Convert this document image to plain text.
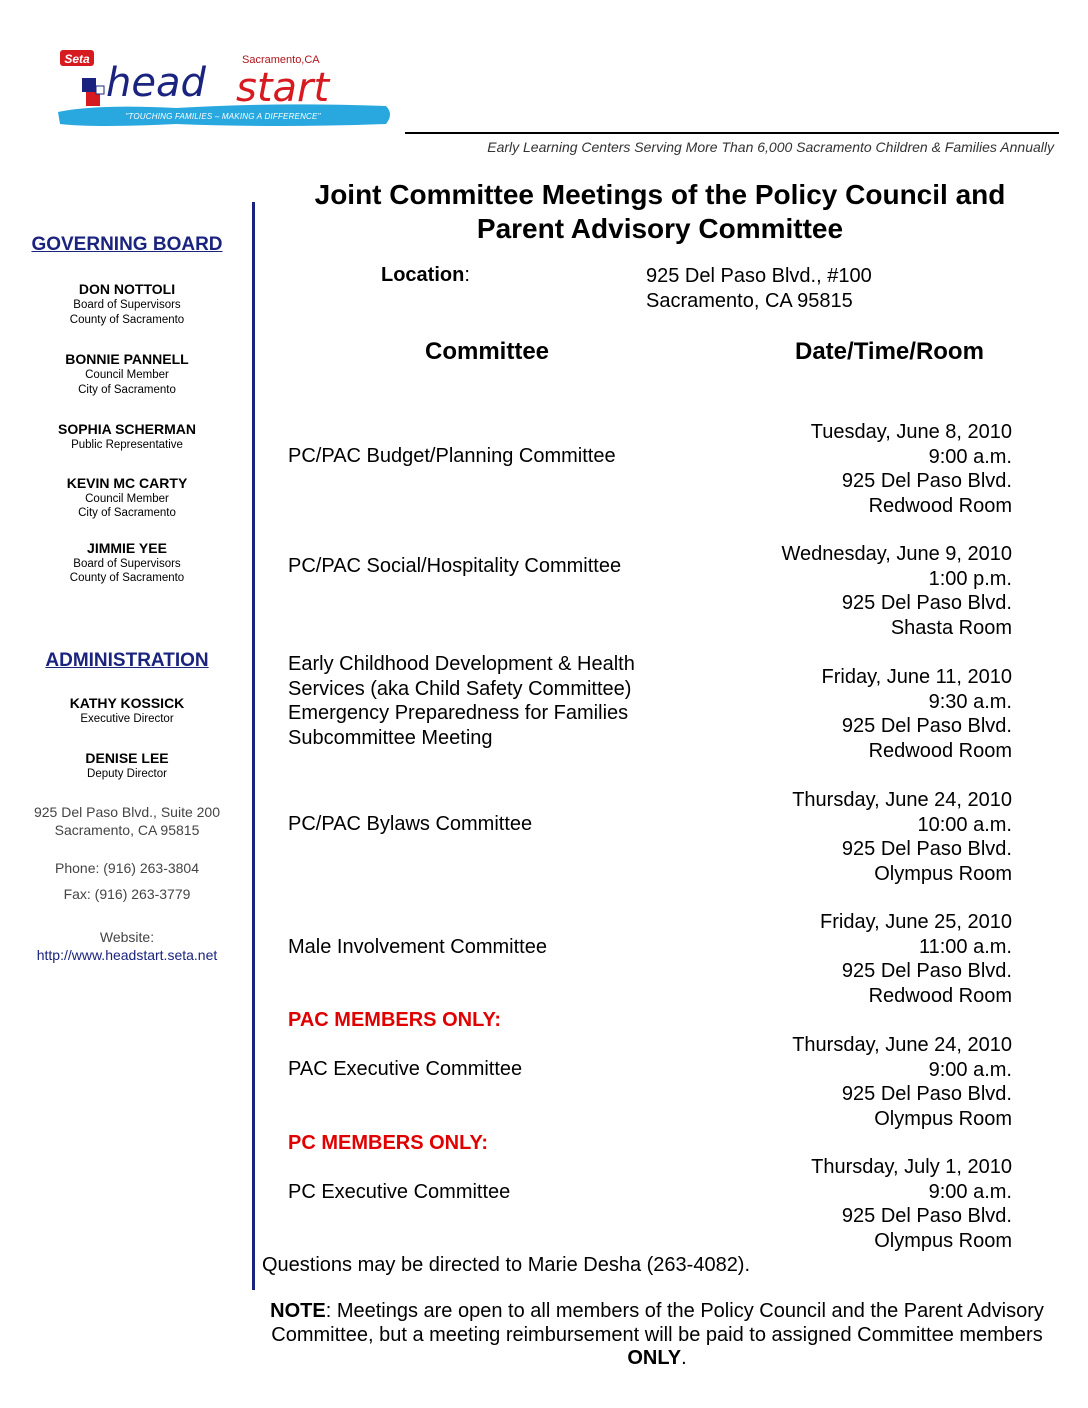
Seta
head start
Sacramento,CA
"TOUCHING FAMILIES – MAKING A DIFFERENCE"
Early Learning Centers Serving More Than 6,000 Sacramento Children & Families Annually
GOVERNING BOARD
DON NOTTOLI
Board of Supervisors
County of Sacramento
BONNIE PANNELL
Council Member
City of Sacramento
SOPHIA SCHERMAN
Public Representative
KEVIN MC CARTY
Council Member
City of Sacramento
JIMMIE YEE
Board of Supervisors
County of Sacramento
ADMINISTRATION
KATHY KOSSICK
Executive Director
DENISE LEE
Deputy Director
925 Del Paso Blvd., Suite 200
Sacramento, CA 95815
Phone: (916) 263-3804
Fax: (916) 263-3779
Website:
http://www.headstart.seta.net
Joint Committee Meetings of the Policy Council and
Parent Advisory Committee
Location:	925 Del Paso Blvd., #100
Sacramento, CA 95815
Committee	Date/Time/Room
PC/PAC Budget/Planning Committee
Tuesday, June 8, 2010
9:00 a.m.
925 Del Paso Blvd.
Redwood Room
PC/PAC Social/Hospitality Committee
Wednesday, June 9, 2010
1:00 p.m.
925 Del Paso Blvd.
Shasta Room
Early Childhood Development & Health
Services (aka Child Safety Committee)
Emergency Preparedness for Families
Subcommittee Meeting
Friday, June 11, 2010
9:30 a.m.
925 Del Paso Blvd.
Redwood Room
PC/PAC Bylaws Committee
Thursday, June 24, 2010
10:00 a.m.
925 Del Paso Blvd.
Olympus Room
Male Involvement Committee
Friday, June 25, 2010
11:00 a.m.
925 Del Paso Blvd.
Redwood Room
PAC MEMBERS ONLY:
PAC Executive Committee
Thursday, June 24, 2010
9:00 a.m.
925 Del Paso Blvd.
Olympus Room
PC MEMBERS ONLY:
PC Executive Committee
Thursday, July 1, 2010
9:00 a.m.
925 Del Paso Blvd.
Olympus Room
Questions may be directed to Marie Desha (263-4082).
NOTE: Meetings are open to all members of the Policy Council and the Parent Advisory Committee, but a meeting reimbursement will be paid to assigned Committee members ONLY.
